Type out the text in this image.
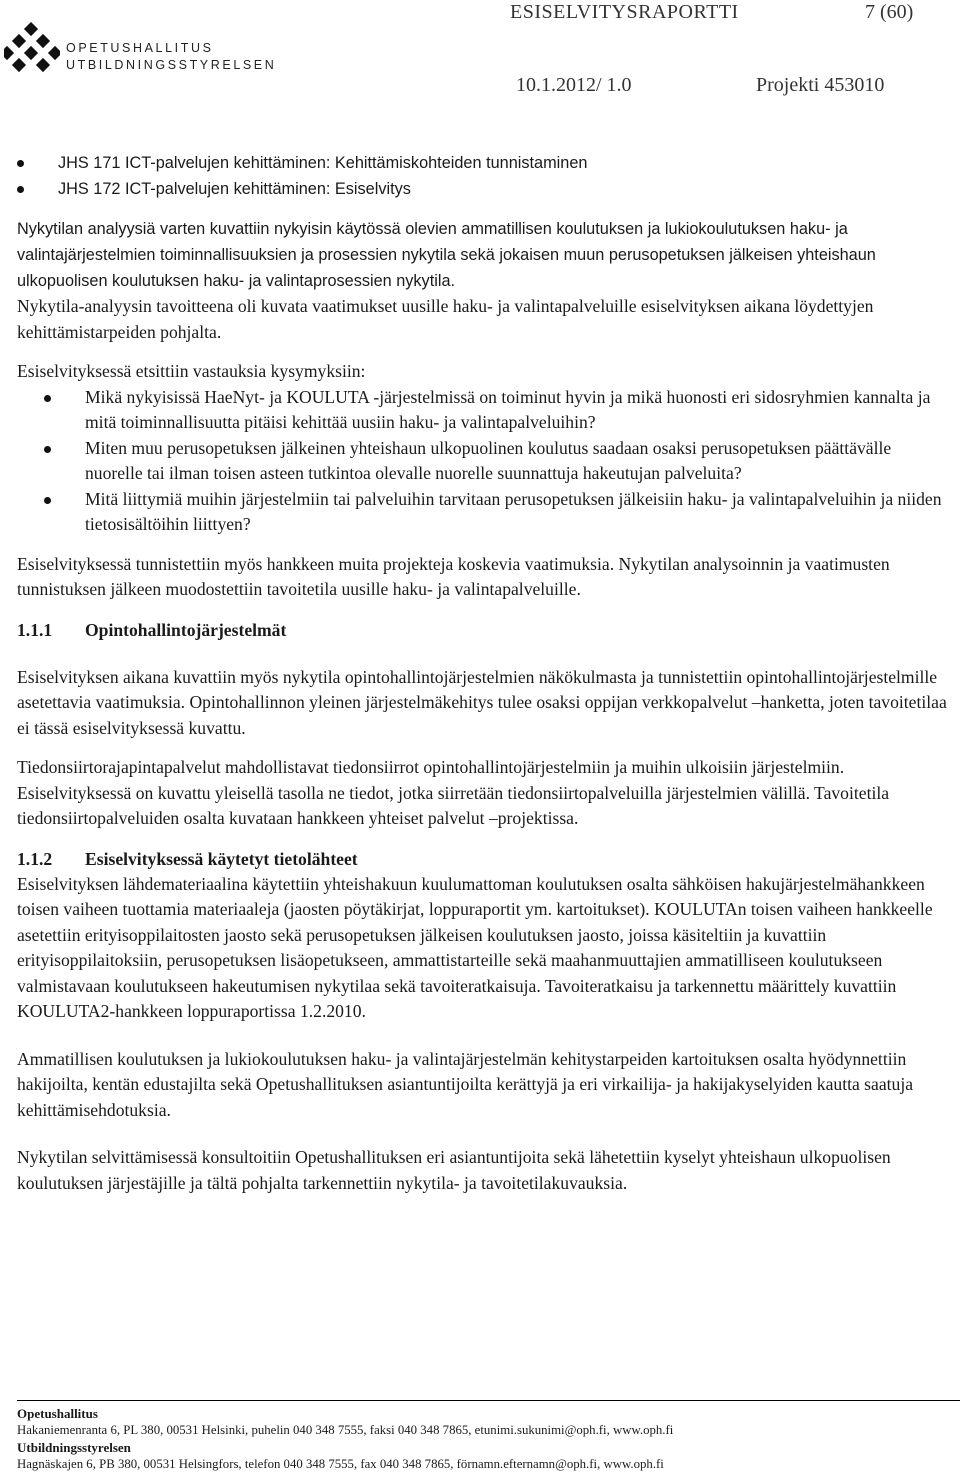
OPETUSHALLITUS
UTBILDNINGSSTYRELSEN
ESISELVITYSRAPORTTI	7 (60)
10.1.2012/ 1.0	Projekti 453010
JHS 171 ICT-palvelujen kehittäminen: Kehittämiskohteiden tunnistaminen
JHS 172 ICT-palvelujen kehittäminen: Esiselvitys

Nykytilan analyysiä varten kuvattiin nykyisin käytössä olevien ammatillisen koulutuksen ja lukiokoulutuksen haku- ja valintajärjestelmien toiminnallisuuksien ja prosessien nykytila sekä jokaisen muun perusopetuksen jälkeisen yhteishaun ulkopuolisen koulutuksen haku- ja valintaprosessien nykytila.

Nykytila-analyysin tavoitteena oli kuvata vaatimukset uusille haku- ja valintapalveluille esiselvityksen aikana löydettyjen kehittämistarpeiden pohjalta.

Esiselvityksessä etsittiin vastauksia kysymyksiin:

Mikä nykyisissä HaeNyt- ja KOULUTA -järjestelmissä on toiminut hyvin ja mikä huonosti eri sidosryhmien kannalta ja mitä toiminnallisuutta pitäisi kehittää uusiin haku- ja valintapalveluihin?
Miten muu perusopetuksen jälkeinen yhteishaun ulkopuolinen koulutus saadaan osaksi perusopetuksen päättävälle nuorelle tai ilman toisen asteen tutkintoa olevalle nuorelle suunnattuja hakeutujan palveluita?
Mitä liittymiä muihin järjestelmiin tai palveluihin tarvitaan perusopetuksen jälkeisiin haku- ja valintapalveluihin ja niiden tietosisältöihin liittyen?

Esiselvityksessä tunnistettiin myös hankkeen muita projekteja koskevia vaatimuksia. Nykytilan analysoinnin ja vaatimusten tunnistuksen jälkeen muodostettiin tavoitetila uusille haku- ja valintapalveluille.

1.1.1	Opintohallintojärjestelmät

Esiselvityksen aikana kuvattiin myös nykytila opintohallintojärjestelmien näkökulmasta ja tunnistettiin opintohallintojärjestelmille asetettavia vaatimuksia. Opintohallinnon yleinen järjestelmäkehitys tulee osaksi oppijan verkkopalvelut –hanketta, joten tavoitetilaa ei tässä esiselvityksessä kuvattu.

Tiedonsiirtorajapintapalvelut mahdollistavat tiedonsiirrot opintohallintojärjestelmiin ja muihin ulkoisiin järjestelmiin. Esiselvityksessä on kuvattu yleisellä tasolla ne tiedot, jotka siirretään tiedonsiirtopalveluilla järjestelmien välillä. Tavoitetila tiedonsiirtopalveluiden osalta kuvataan hankkeen yhteiset palvelut –projektissa.

1.1.2	Esiselvityksessä käytetyt tietolähteet

Esiselvityksen lähdemateriaalina käytettiin yhteishakuun kuulumattoman koulutuksen osalta sähköisen hakujärjestelmähankkeen toisen vaiheen tuottamia materiaaleja (jaosten pöytäkirjat, loppuraportit ym. kartoitukset). KOULUTAn toisen vaiheen hankkeelle asetettiin erityisoppilaitosten jaosto sekä perusopetuksen jälkeisen koulutuksen jaosto, joissa käsiteltiin ja kuvattiin erityisoppilaitoksiin, perusopetuksen lisäopetukseen, ammattistarteille sekä maahanmuuttajien ammatilliseen koulutukseen valmistavaan koulutukseen hakeutumisen nykytilaa sekä tavoiteratkaisuja. Tavoiteratkaisu ja tarkennettu määrittely kuvattiin KOULUTA2-hankkeen loppuraportissa 1.2.2010.

Ammatillisen koulutuksen ja lukiokoulutuksen haku- ja valintajärjestelmän kehitystarpeiden kartoituksen osalta hyödynnettiin hakijoilta, kentän edustajilta sekä Opetushallituksen asiantuntijoilta kerättyjä ja eri virkailija- ja hakijakyselyiden kautta saatuja kehittämisehdotuksia.

Nykytilan selvittämisessä konsultoitiin Opetushallituksen eri asiantuntijoita sekä lähetettiin kyselyt yhteishaun ulkopuolisen koulutuksen järjestäjille ja tältä pohjalta tarkennettiin nykytila- ja tavoitetilakuvauksia.

Opetushallitus
Hakaniemenranta 6, PL 380, 00531 Helsinki, puhelin 040 348 7555, faksi 040 348 7865, etunimi.sukunimi@oph.fi, www.oph.fi
Utbildningsstyrelsen
Hagnäskajen 6, PB 380, 00531 Helsingfors, telefon 040 348 7555, fax 040 348 7865, förnamn.efternamn@oph.fi, www.oph.fi
